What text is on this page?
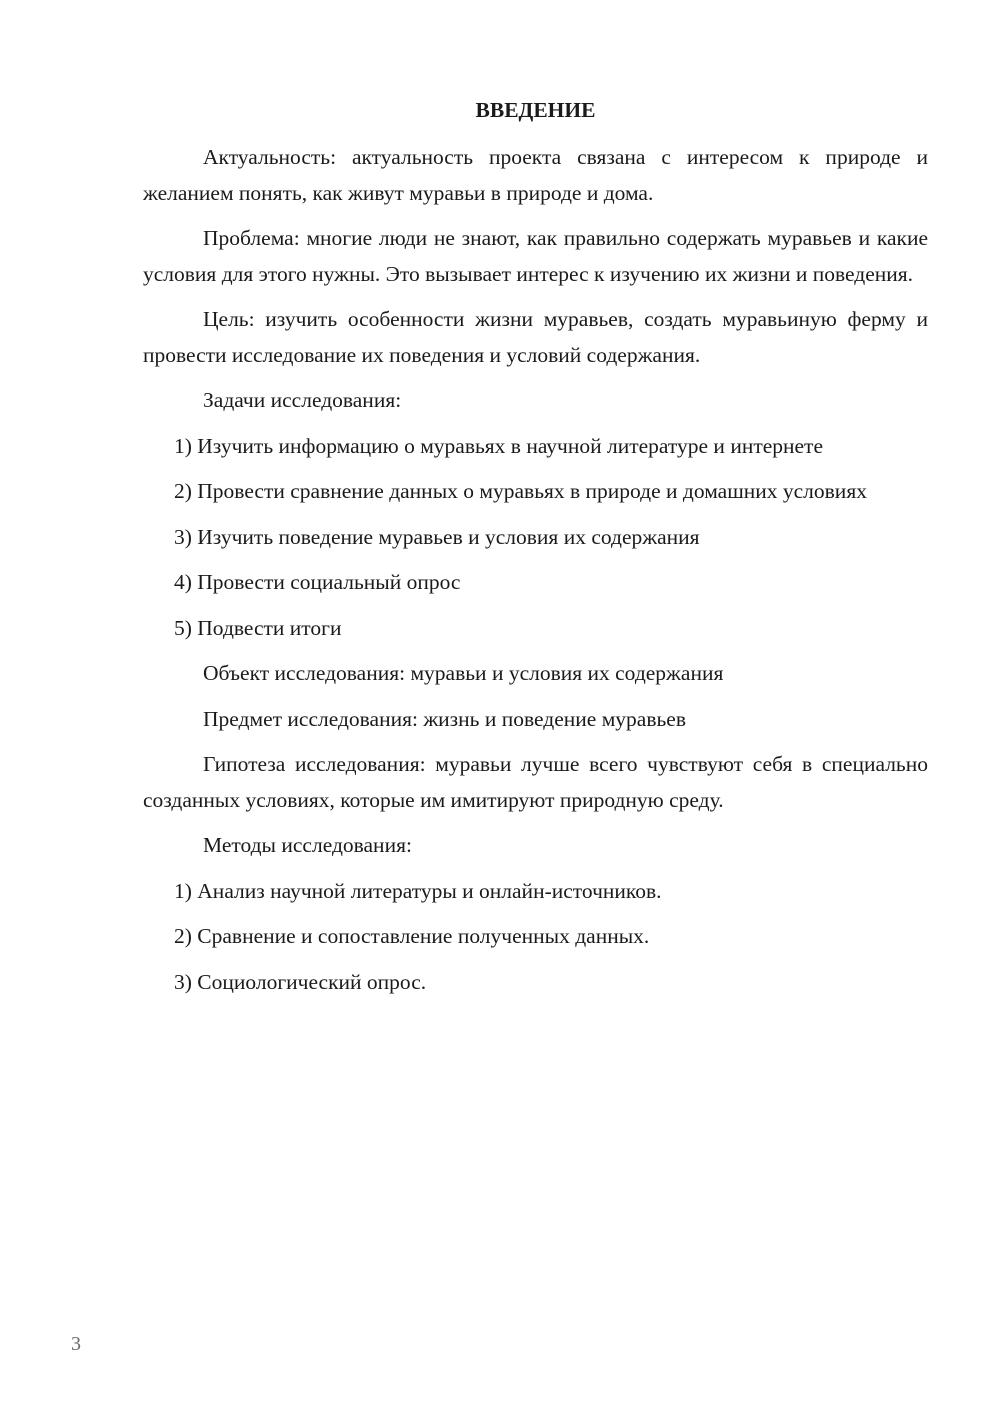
ВВЕДЕНИЕ

Актуальность: актуальность проекта связана с интересом к природе и желанием понять, как живут муравьи в природе и дома.

Проблема: многие люди не знают, как правильно содержать муравьев и какие условия для этого нужны. Это вызывает интерес к изучению их жизни и поведения.

Цель: изучить особенности жизни муравьев, создать муравьиную ферму и провести исследование их поведения и условий содержания.

Задачи исследования:

1) Изучить информацию о муравьях в научной литературе и интернете

2) Провести сравнение данных о муравьях в природе и домашних условиях

3) Изучить поведение муравьев и условия их содержания

4) Провести социальный опрос

5) Подвести итоги

Объект исследования: муравьи и условия их содержания

Предмет исследования: жизнь и поведение муравьев

Гипотеза исследования: муравьи лучше всего чувствуют себя в специально созданных условиях, которые им имитируют природную среду.

Методы исследования:

1) Анализ научной литературы и онлайн-источников.

2) Сравнение и сопоставление полученных данных.

3) Социологический опрос.

3
